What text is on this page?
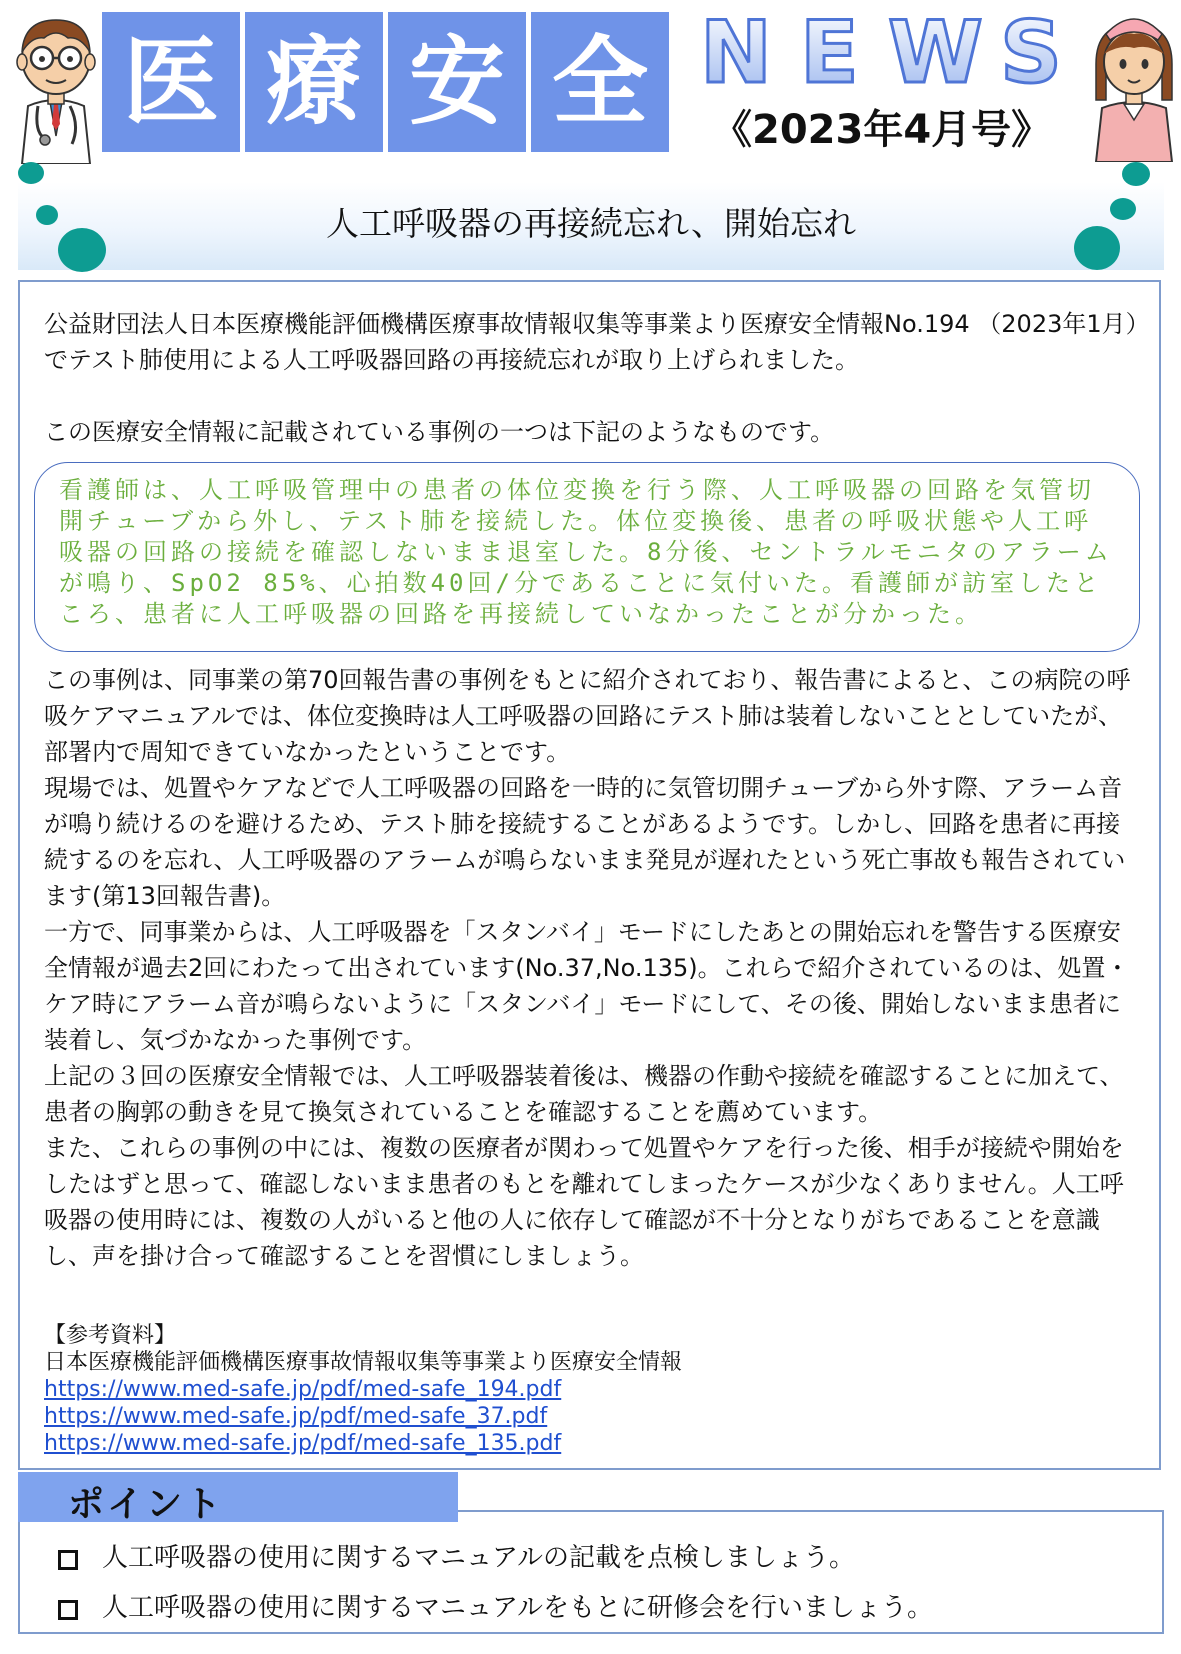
医 療 安 全 N E W S
《2023年4月号》
人工呼吸器の再接続忘れ、開始忘れ

公益財団法人日本医療機能評価機構医療事故情報収集等事業より医療安全情報No.194 （2023年1月）でテスト肺使用による人工呼吸器回路の再接続忘れが取り上げられました。

この医療安全情報に記載されている事例の一つは下記のようなものです。

看護師は、人工呼吸管理中の患者の体位変換を行う際、人工呼吸器の回路を気管切開チューブから外し、テスト肺を接続した。体位変換後、患者の呼吸状態や人工呼吸器の回路の接続を確認しないまま退室した。8分後、セントラルモニタのアラームが鳴り、SpO2 85%、心拍数40回/分であることに気付いた。看護師が訪室したところ、患者に人工呼吸器の回路を再接続していなかったことが分かった。

この事例は、同事業の第70回報告書の事例をもとに紹介されており、報告書によると、この病院の呼吸ケアマニュアルでは、体位変換時は人工呼吸器の回路にテスト肺は装着しないこととしていたが、部署内で周知できていなかったということです。

現場では、処置やケアなどで人工呼吸器の回路を一時的に気管切開チューブから外す際、アラーム音が鳴り続けるのを避けるため、テスト肺を接続することがあるようです。しかし、回路を患者に再接続するのを忘れ、人工呼吸器のアラームが鳴らないまま発見が遅れたという死亡事故も報告されています(第13回報告書)。

一方で、同事業からは、人工呼吸器を「スタンバイ」モードにしたあとの開始忘れを警告する医療安全情報が過去2回にわたって出されています(No.37,No.135)。これらで紹介されているのは、処置・ケア時にアラーム音が鳴らないように「スタンバイ」モードにして、その後、開始しないまま患者に装着し、気づかなかった事例です。

上記の３回の医療安全情報では、人工呼吸器装着後は、機器の作動や接続を確認することに加えて、患者の胸郭の動きを見て換気されていることを確認することを薦めています。

また、これらの事例の中には、複数の医療者が関わって処置やケアを行った後、相手が接続や開始をしたはずと思って、確認しないまま患者のもとを離れてしまったケースが少なくありません。人工呼吸器の使用時には、複数の人がいると他の人に依存して確認が不十分となりがちであることを意識し、声を掛け合って確認することを習慣にしましょう。

【参考資料】
日本医療機能評価機構医療事故情報収集等事業より医療安全情報
https://www.med-safe.jp/pdf/med-safe_194.pdf
https://www.med-safe.jp/pdf/med-safe_37.pdf
https://www.med-safe.jp/pdf/med-safe_135.pdf
人工呼吸器の使用に関するマニュアルの記載を点検しましょう。
人工呼吸器の使用に関するマニュアルをもとに研修会を行いましょう。
ポイント
